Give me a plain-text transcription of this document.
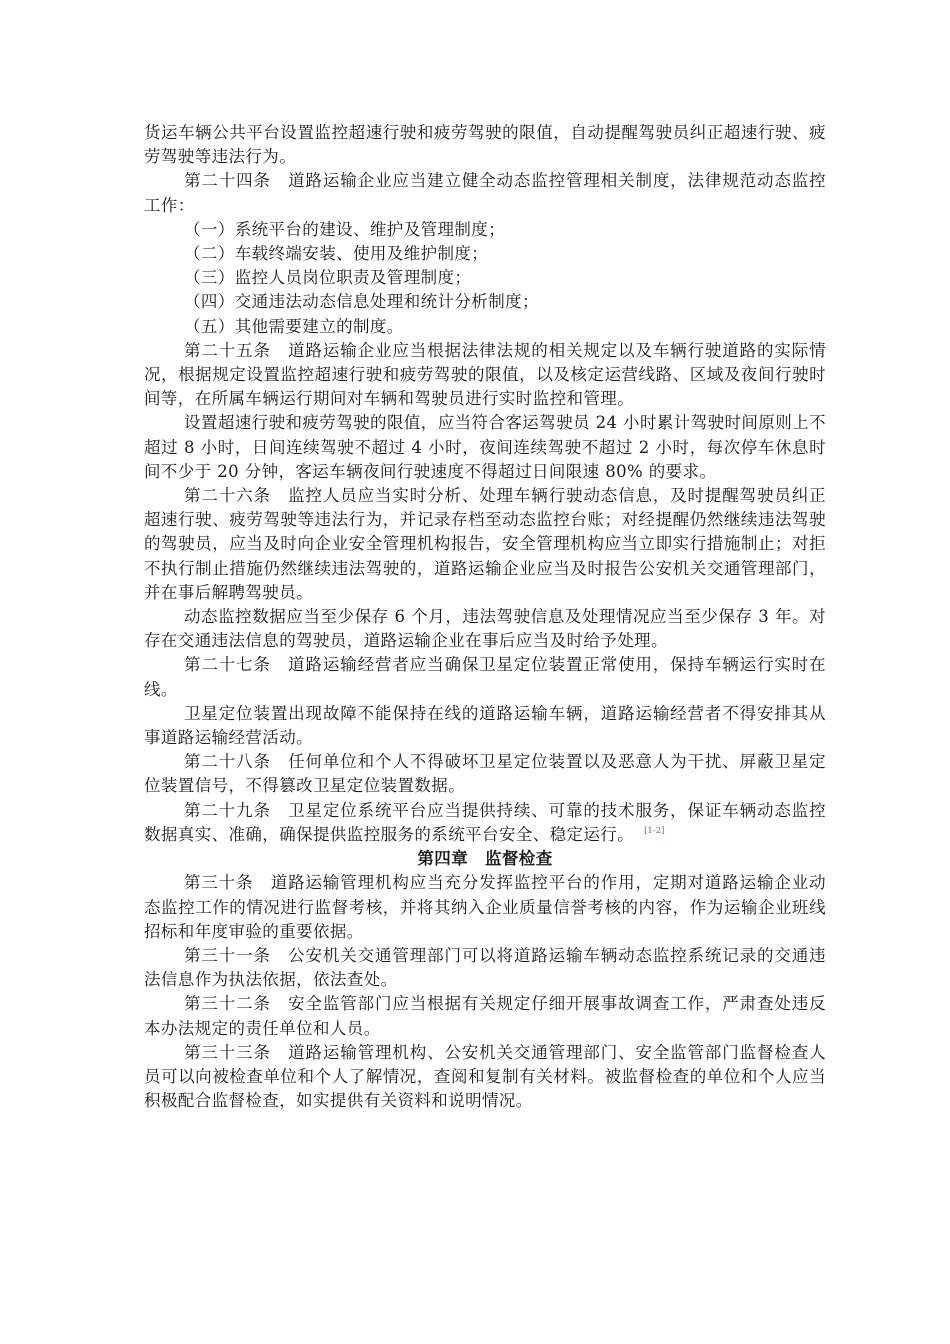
货运车辆公共平台设置监控超速行驶和疲劳驾驶的限值，自动提醒驾驶员纠正超速行驶、疲劳驾驶等违法行为。

第二十四条　道路运输企业应当建立健全动态监控管理相关制度，法律规范动态监控工作：

（一）系统平台的建设、维护及管理制度；

（二）车载终端安装、使用及维护制度；

（三）监控人员岗位职责及管理制度；

（四）交通违法动态信息处理和统计分析制度；

（五）其他需要建立的制度。

第二十五条　道路运输企业应当根据法律法规的相关规定以及车辆行驶道路的实际情况，根据规定设置监控超速行驶和疲劳驾驶的限值，以及核定运营线路、区域及夜间行驶时间等，在所属车辆运行期间对车辆和驾驶员进行实时监控和管理。

设置超速行驶和疲劳驾驶的限值，应当符合客运驾驶员 24 小时累计驾驶时间原则上不超过 8 小时，日间连续驾驶不超过 4 小时，夜间连续驾驶不超过 2 小时，每次停车休息时间不少于 20 分钟，客运车辆夜间行驶速度不得超过日间限速 80% 的要求。

第二十六条　监控人员应当实时分析、处理车辆行驶动态信息，及时提醒驾驶员纠正超速行驶、疲劳驾驶等违法行为，并记录存档至动态监控台账；对经提醒仍然继续违法驾驶的驾驶员，应当及时向企业安全管理机构报告，安全管理机构应当立即实行措施制止；对拒不执行制止措施仍然继续违法驾驶的，道路运输企业应当及时报告公安机关交通管理部门，并在事后解聘驾驶员。

动态监控数据应当至少保存 6 个月，违法驾驶信息及处理情况应当至少保存 3 年。对存在交通违法信息的驾驶员，道路运输企业在事后应当及时给予处理。

第二十七条　道路运输经营者应当确保卫星定位装置正常使用，保持车辆运行实时在线。

卫星定位装置出现故障不能保持在线的道路运输车辆，道路运输经营者不得安排其从事道路运输经营活动。

第二十八条　任何单位和个人不得破坏卫星定位装置以及恶意人为干扰、屏蔽卫星定位装置信号，不得篡改卫星定位装置数据。

第二十九条　卫星定位系统平台应当提供持续、可靠的技术服务，保证车辆动态监控数据真实、准确，确保提供监控服务的系统平台安全、稳定运行。 [1-2]

第四章　监督检查

第三十条　道路运输管理机构应当充分发挥监控平台的作用，定期对道路运输企业动态监控工作的情况进行监督考核，并将其纳入企业质量信誉考核的内容，作为运输企业班线招标和年度审验的重要依据。

第三十一条　公安机关交通管理部门可以将道路运输车辆动态监控系统记录的交通违法信息作为执法依据，依法查处。

第三十二条　安全监管部门应当根据有关规定仔细开展事故调查工作，严肃查处违反本办法规定的责任单位和人员。

第三十三条　道路运输管理机构、公安机关交通管理部门、安全监管部门监督检查人员可以向被检查单位和个人了解情况，查阅和复制有关材料。被监督检查的单位和个人应当积极配合监督检查，如实提供有关资料和说明情况。
